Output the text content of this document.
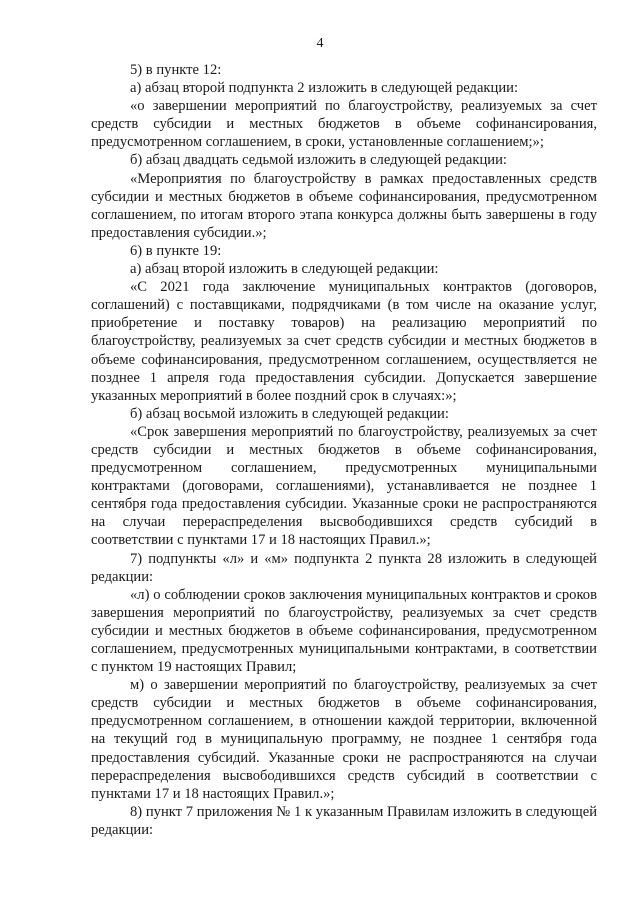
4

5) в пункте 12:

а) абзац второй подпункта 2 изложить в следующей редакции:

«о завершении мероприятий по благоустройству, реализуемых за счет средств субсидии и местных бюджетов в объеме софинансирования, предусмотренном соглашением, в сроки, установленные соглашением;»;

б) абзац двадцать седьмой изложить в следующей редакции:

«Мероприятия по благоустройству в рамках предоставленных средств субсидии и местных бюджетов в объеме софинансирования, предусмотренном соглашением, по итогам второго этапа конкурса должны быть завершены в году предоставления субсидии.»;

6) в пункте 19:

а) абзац второй изложить в следующей редакции:

«С 2021 года заключение муниципальных контрактов (договоров, соглашений) с поставщиками, подрядчиками (в том числе на оказание услуг, приобретение и поставку товаров) на реализацию мероприятий по благоустройству, реализуемых за счет средств субсидии и местных бюджетов в объеме софинансирования, предусмотренном соглашением, осуществляется не позднее 1 апреля года предоставления субсидии. Допускается завершение указанных мероприятий в более поздний срок в случаях:»;

б) абзац восьмой изложить в следующей редакции:

«Срок завершения мероприятий по благоустройству, реализуемых за счет средств субсидии и местных бюджетов в объеме софинансирования, предусмотренном соглашением, предусмотренных муниципальными контрактами (договорами, соглашениями), устанавливается не позднее 1 сентября года предоставления субсидии. Указанные сроки не распространяются на случаи перераспределения высвободившихся средств субсидий в соответствии с пунктами 17 и 18 настоящих Правил.»;

7) подпункты «л» и «м» подпункта 2 пункта 28 изложить в следующей редакции:

«л) о соблюдении сроков заключения муниципальных контрактов и сроков завершения мероприятий по благоустройству, реализуемых за счет средств субсидии и местных бюджетов в объеме софинансирования, предусмотренном соглашением, предусмотренных муниципальными контрактами, в соответствии с пунктом 19 настоящих Правил;

м) о завершении мероприятий по благоустройству, реализуемых за счет средств субсидии и местных бюджетов в объеме софинансирования, предусмотренном соглашением, в отношении каждой территории, включенной на текущий год в муниципальную программу, не позднее 1 сентября года предоставления субсидий. Указанные сроки не распространяются на случаи перераспределения высвободившихся средств субсидий в соответствии с пунктами 17 и 18 настоящих Правил.»;

8) пункт 7 приложения № 1 к указанным Правилам изложить в следующей редакции:
